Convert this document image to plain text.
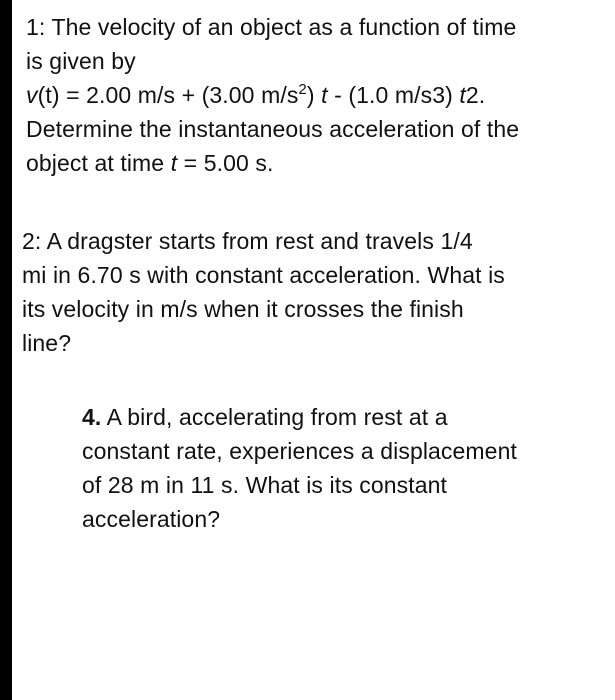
1: The velocity of an object as a function of time
is given by
v(t) = 2.00 m/s + (3.00 $m/s^2$) t - (1.0 m/s3) t2.
Determine the instantaneous acceleration of the
object at time t = 5.00 s.
2: A dragster starts from rest and travels 1/4
mi in 6.70 s with constant acceleration. What is
its velocity in m/s when it crosses the finish
line?
4. A bird, accelerating from rest at a
constant rate, experiences a displacement
of 28 m in 11 s. What is its constant
acceleration?
